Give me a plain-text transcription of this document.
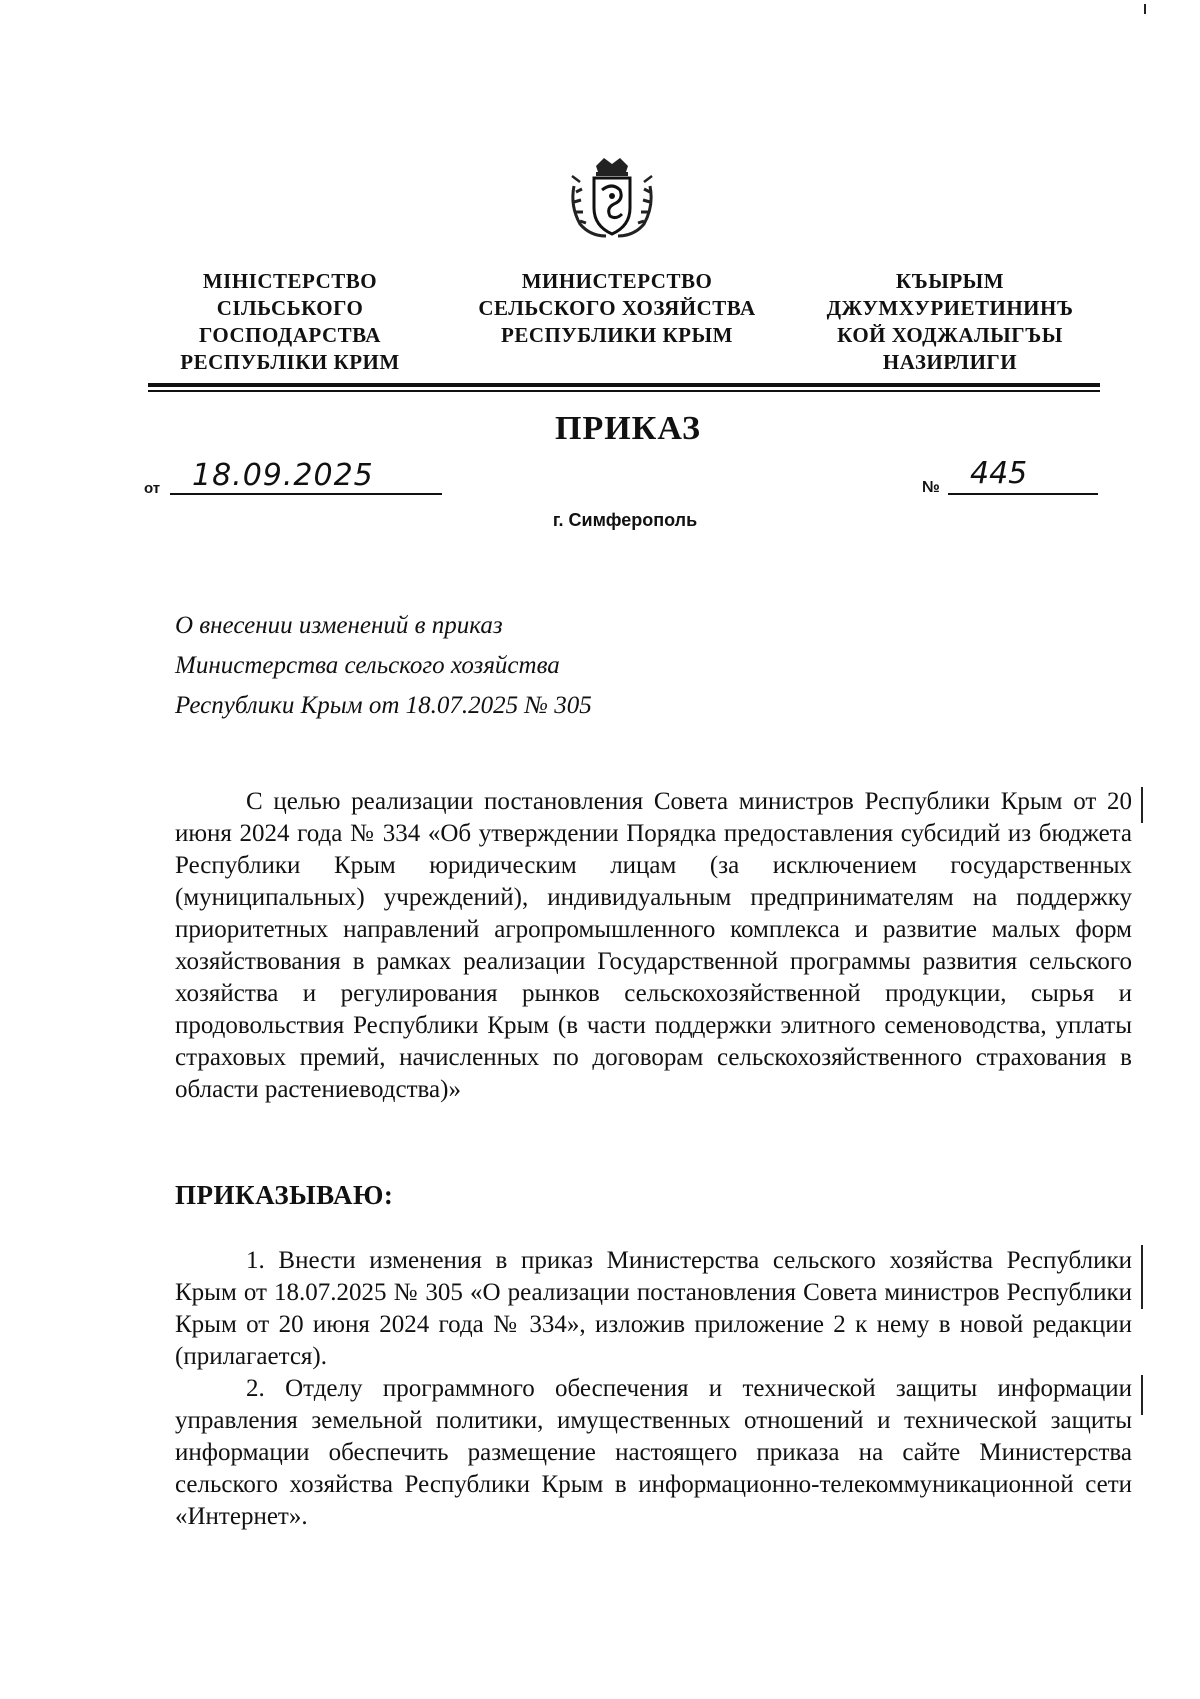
МІНІСТЕРСТВО
СІЛЬСЬКОГО
ГОСПОДАРСТВА
РЕСПУБЛІКИ КРИМ
МИНИСТЕРСТВО
СЕЛЬСКОГО ХОЗЯЙСТВА
РЕСПУБЛИКИ КРЫМ
КЪЫРЫМ
ДЖУМХУРИЕТИНИНЪ
КОЙ ХОДЖАЛЫГЪЫ
НАЗИРЛИГИ
ПРИКАЗ
от 18.09.2025	№ 445
г. Симферополь
О внесении изменений в приказ
Министерства сельского хозяйства
Республики Крым от 18.07.2025 № 305

С целью реализации постановления Совета министров Республики Крым от 20 июня 2024 года № 334 «Об утверждении Порядка предоставления субсидий из бюджета Республики Крым юридическим лицам (за исключением государственных (муниципальных) учреждений), индивидуальным предпринимателям на поддержку приоритетных направлений агропромышленного комплекса и развитие малых форм хозяйствования в рамках реализации Государственной программы развития сельского хозяйства и регулирования рынков сельскохозяйственной продукции, сырья и продовольствия Республики Крым (в части поддержки элитного семеноводства, уплаты страховых премий, начисленных по договорам сельскохозяйственного страхования в области растениеводства)»

ПРИКАЗЫВАЮ:

1. Внести изменения в приказ Министерства сельского хозяйства Республики Крым от 18.07.2025 № 305 «О реализации постановления Совета министров Республики Крым от 20 июня 2024 года № 334», изложив приложение 2 к нему в новой редакции (прилагается).

2. Отделу программного обеспечения и технической защиты информации управления земельной политики, имущественных отношений и технической защиты информации обеспечить размещение настоящего приказа на сайте Министерства сельского хозяйства Республики Крым в информационно-телекоммуникационной сети «Интернет».
